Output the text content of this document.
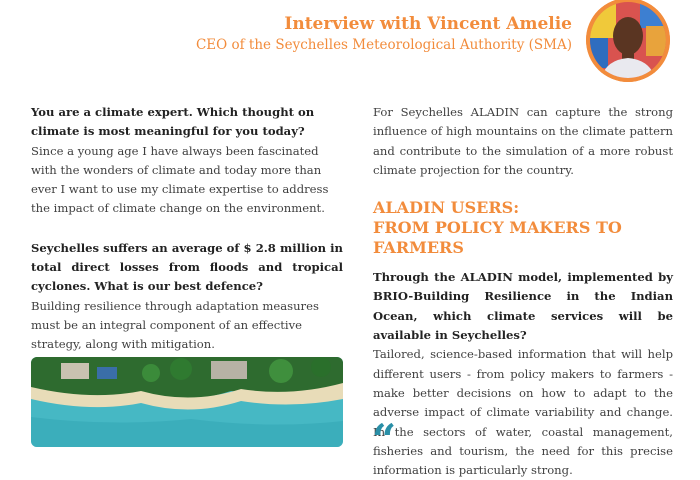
Interview with Vincent Amelie
CEO of the Seychelles Meteorological Authority (SMA)

You are a climate expert. Which thought on climate is most meaningful for you today?

Since a young age I have always been fascinated with the wonders of climate and today more than ever I want to use my climate expertise to address the impact of climate change on the environment.

Seychelles suffers an average of $ 2.8 million in total direct losses from floods and tropical cyclones. What is our best defence?

Building resilience through adaptation measures must be an integral component of an effective strategy, along with mitigation.

For Seychelles ALADIN can capture the strong influence of high mountains on the climate pattern and contribute to the simulation of a more robust climate projection for the country.

ALADIN USERS:
FROM POLICY MAKERS TO FARMERS

Through the ALADIN model, implemented by BRIO-Building Resilience in the Indian Ocean, which climate services will be available in Seychelles?

Tailored, science-based information that will help different users - from policy makers to farmers - make better decisions on how to adapt to the adverse impact of climate variability and change. In the sectors of water, coastal management, fisheries and tourism, the need for this precise information is particularly strong.

“
